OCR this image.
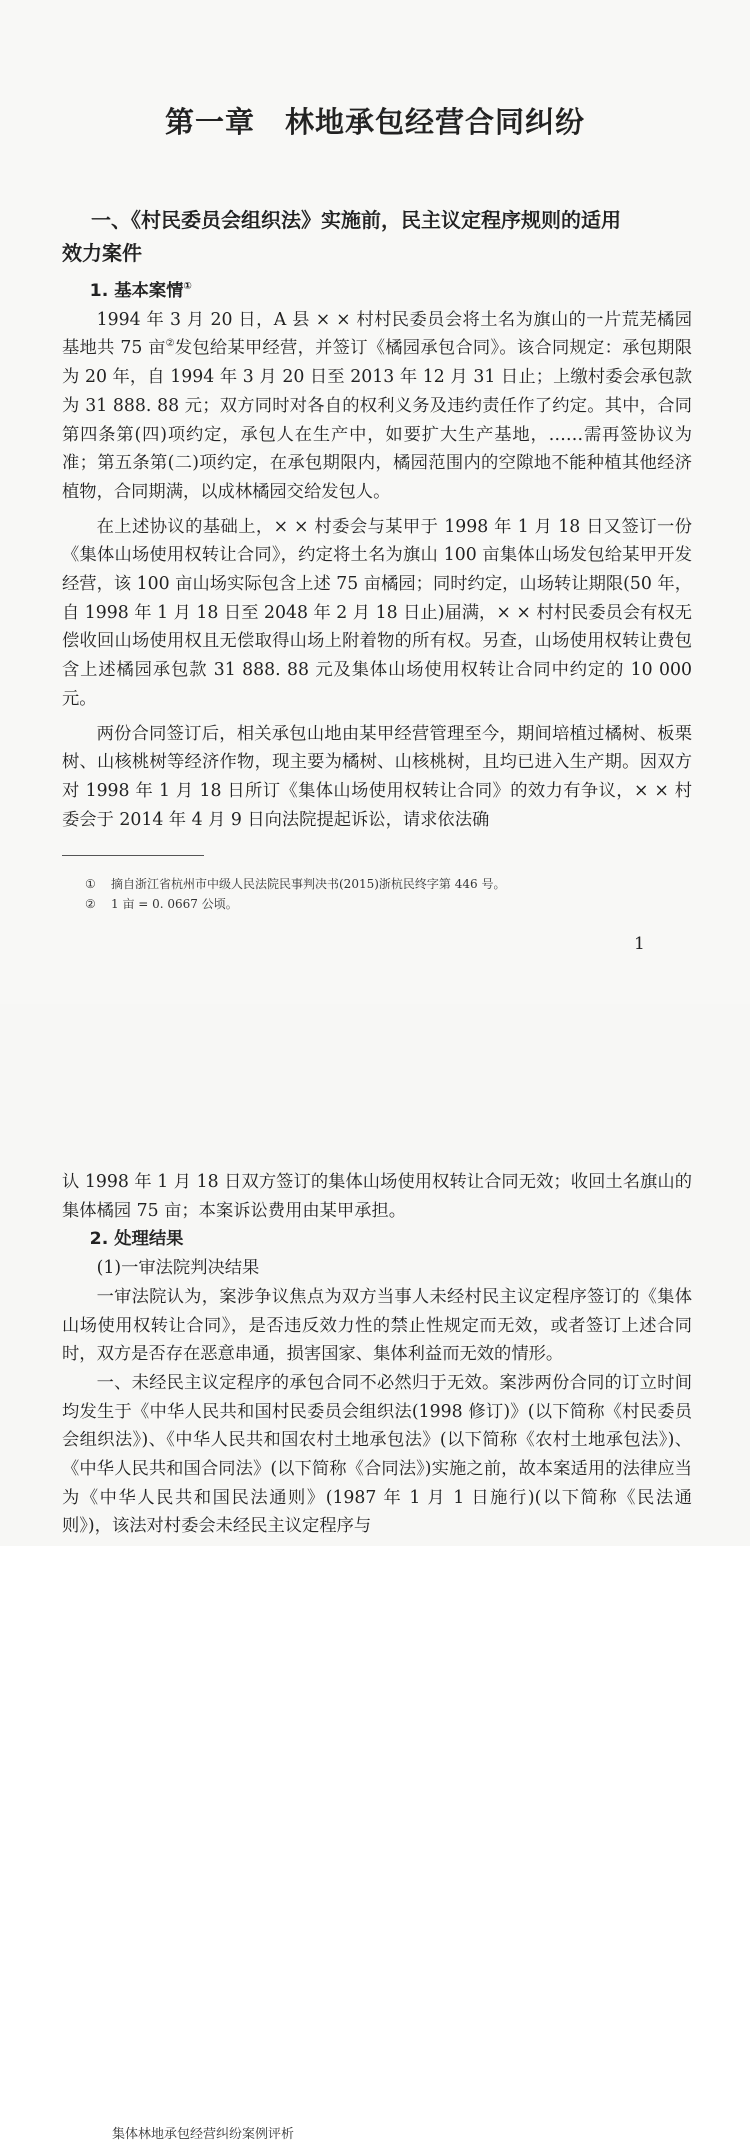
第一章　林地承包经营合同纠纷
一、《村民委员会组织法》实施前，民主议定程序规则的适用
效力案件
1. 基本案情①

1994 年 3 月 20 日，A 县 × × 村村民委员会将土名为旗山的一片荒芜橘园基地共 75 亩②发包给某甲经营，并签订《橘园承包合同》。该合同规定：承包期限为 20 年，自 1994 年 3 月 20 日至 2013 年 12 月 31 日止；上缴村委会承包款为 31 888. 88 元；双方同时对各自的权利义务及违约责任作了约定。其中，合同第四条第(四)项约定，承包人在生产中，如要扩大生产基地，……需再签协议为准；第五条第(二)项约定，在承包期限内，橘园范围内的空隙地不能种植其他经济植物，合同期满，以成林橘园交给发包人。

在上述协议的基础上，× × 村委会与某甲于 1998 年 1 月 18 日又签订一份《集体山场使用权转让合同》，约定将土名为旗山 100 亩集体山场发包给某甲开发经营，该 100 亩山场实际包含上述 75 亩橘园；同时约定，山场转让期限(50 年，自 1998 年 1 月 18 日至 2048 年 2 月 18 日止)届满，× × 村村民委员会有权无偿收回山场使用权且无偿取得山场上附着物的所有权。另查，山场使用权转让费包含上述橘园承包款 31 888. 88 元及集体山场使用权转让合同中约定的 10 000 元。

两份合同签订后，相关承包山地由某甲经营管理至今，期间培植过橘树、板栗树、山核桃树等经济作物，现主要为橘树、山核桃树，且均已进入生产期。因双方对 1998 年 1 月 18 日所订《集体山场使用权转让合同》的效力有争议，× × 村委会于 2014 年 4 月 9 日向法院提起诉讼，请求依法确

① 摘自浙江省杭州市中级人民法院民事判决书(2015)浙杭民终字第 446 号。
② 1 亩 = 0. 0667 公顷。
1
集体林地承包经营纠纷案例评析

认 1998 年 1 月 18 日双方签订的集体山场使用权转让合同无效；收回土名旗山的集体橘园 75 亩；本案诉讼费用由某甲承担。

2. 处理结果

(1)一审法院判决结果

一审法院认为，案涉争议焦点为双方当事人未经村民主议定程序签订的《集体山场使用权转让合同》，是否违反效力性的禁止性规定而无效，或者签订上述合同时，双方是否存在恶意串通，损害国家、集体利益而无效的情形。

一、未经民主议定程序的承包合同不必然归于无效。案涉两份合同的订立时间均发生于《中华人民共和国村民委员会组织法(1998 修订)》(以下简称《村民委员会组织法》)、《中华人民共和国农村土地承包法》(以下简称《农村土地承包法》)、《中华人民共和国合同法》(以下简称《合同法》)实施之前，故本案适用的法律应当为《中华人民共和国民法通则》(1987 年 1 月 1 日施行)(以下简称《民法通则》)，该法对村委会未经民主议定程序与
